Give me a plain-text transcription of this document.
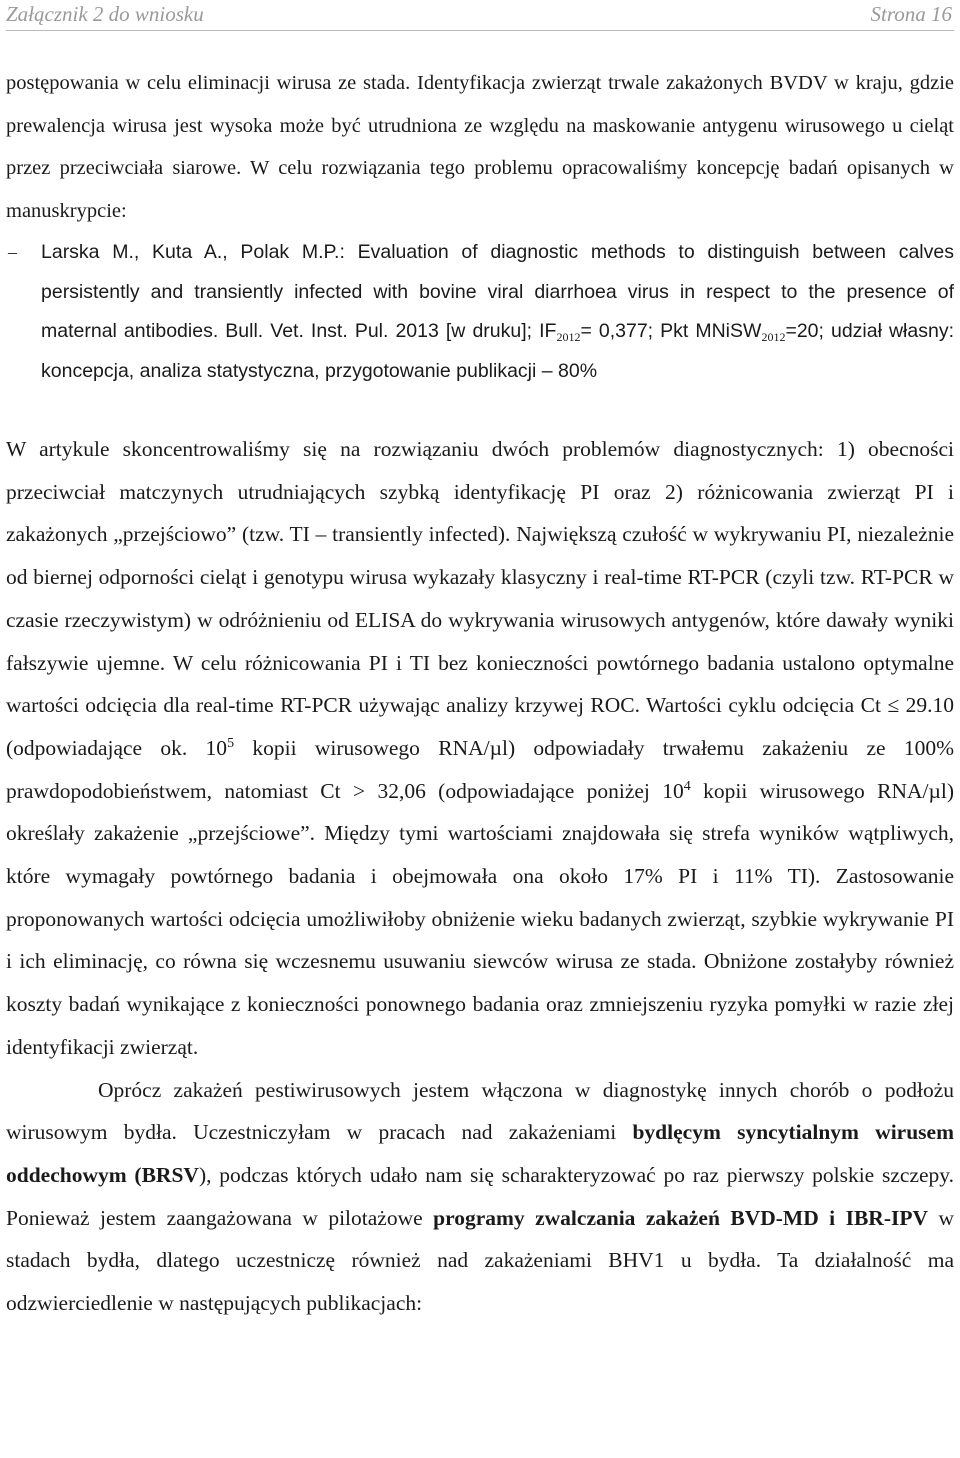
Załącznik 2 do wniosku	Strona 16

postępowania w celu eliminacji wirusa ze stada. Identyfikacja zwierząt trwale zakażonych BVDV w kraju, gdzie prewalencja wirusa jest wysoka może być utrudniona ze względu na maskowanie antygenu wirusowego u cieląt przez przeciwciała siarowe. W celu rozwiązania tego problemu opracowaliśmy koncepcję badań opisanych w manuskrypcie:

– Larska M., Kuta A., Polak M.P.: Evaluation of diagnostic methods to distinguish between calves persistently and transiently infected with bovine viral diarrhoea virus in respect to the presence of maternal antibodies. Bull. Vet. Inst. Pul. 2013 [w druku]; $IF_{2012}= 0,377$; Pkt MNiSW$_{2012}$=20; udział własny: koncepcja, analiza statystyczna, przygotowanie publikacji – 80%

W artykule skoncentrowaliśmy się na rozwiązaniu dwóch problemów diagnostycznych: 1) obecności przeciwciał matczynych utrudniających szybką identyfikację PI oraz 2) różnicowania zwierząt PI i zakażonych „przejściowo” (tzw. TI – transiently infected). Największą czułość w wykrywaniu PI, niezależnie od biernej odporności cieląt i genotypu wirusa wykazały klasyczny i real-time RT-PCR (czyli tzw. RT-PCR w czasie rzeczywistym) w odróżnieniu od ELISA do wykrywania wirusowych antygenów, które dawały wyniki fałszywie ujemne. W celu różnicowania PI i TI bez konieczności powtórnego badania ustalono optymalne wartości odcięcia dla real-time RT-PCR używając analizy krzywej ROC. Wartości cyklu odcięcia Ct ≤ 29.10 (odpowiadające ok. $10^5$ kopii wirusowego RNA/µl) odpowiadały trwałemu zakażeniu ze 100% prawdopodobieństwem, natomiast Ct > 32,06 (odpowiadające poniżej $10^4$ kopii wirusowego RNA/µl) określały zakażenie „przejściowe”. Między tymi wartościami znajdowała się strefa wyników wątpliwych, które wymagały powtórnego badania i obejmowała ona około 17% PI i 11% TI). Zastosowanie proponowanych wartości odcięcia umożliwiłoby obniżenie wieku badanych zwierząt, szybkie wykrywanie PI i ich eliminację, co równa się wczesnemu usuwaniu siewców wirusa ze stada. Obniżone zostałyby również koszty badań wynikające z konieczności ponownego badania oraz zmniejszeniu ryzyka pomyłki w razie złej identyfikacji zwierząt.

Oprócz zakażeń pestiwirusowych jestem włączona w diagnostykę innych chorób o podłożu wirusowym bydła. Uczestniczyłam w pracach nad zakażeniami bydlęcym syncytialnym wirusem oddechowym (BRSV), podczas których udało nam się scharakteryzować po raz pierwszy polskie szczepy. Ponieważ jestem zaangażowana w pilotażowe programy zwalczania zakażeń BVD-MD i IBR-IPV w stadach bydła, dlatego uczestniczę również nad zakażeniami BHV1 u bydła. Ta działalność ma odzwierciedlenie w następujących publikacjach:
